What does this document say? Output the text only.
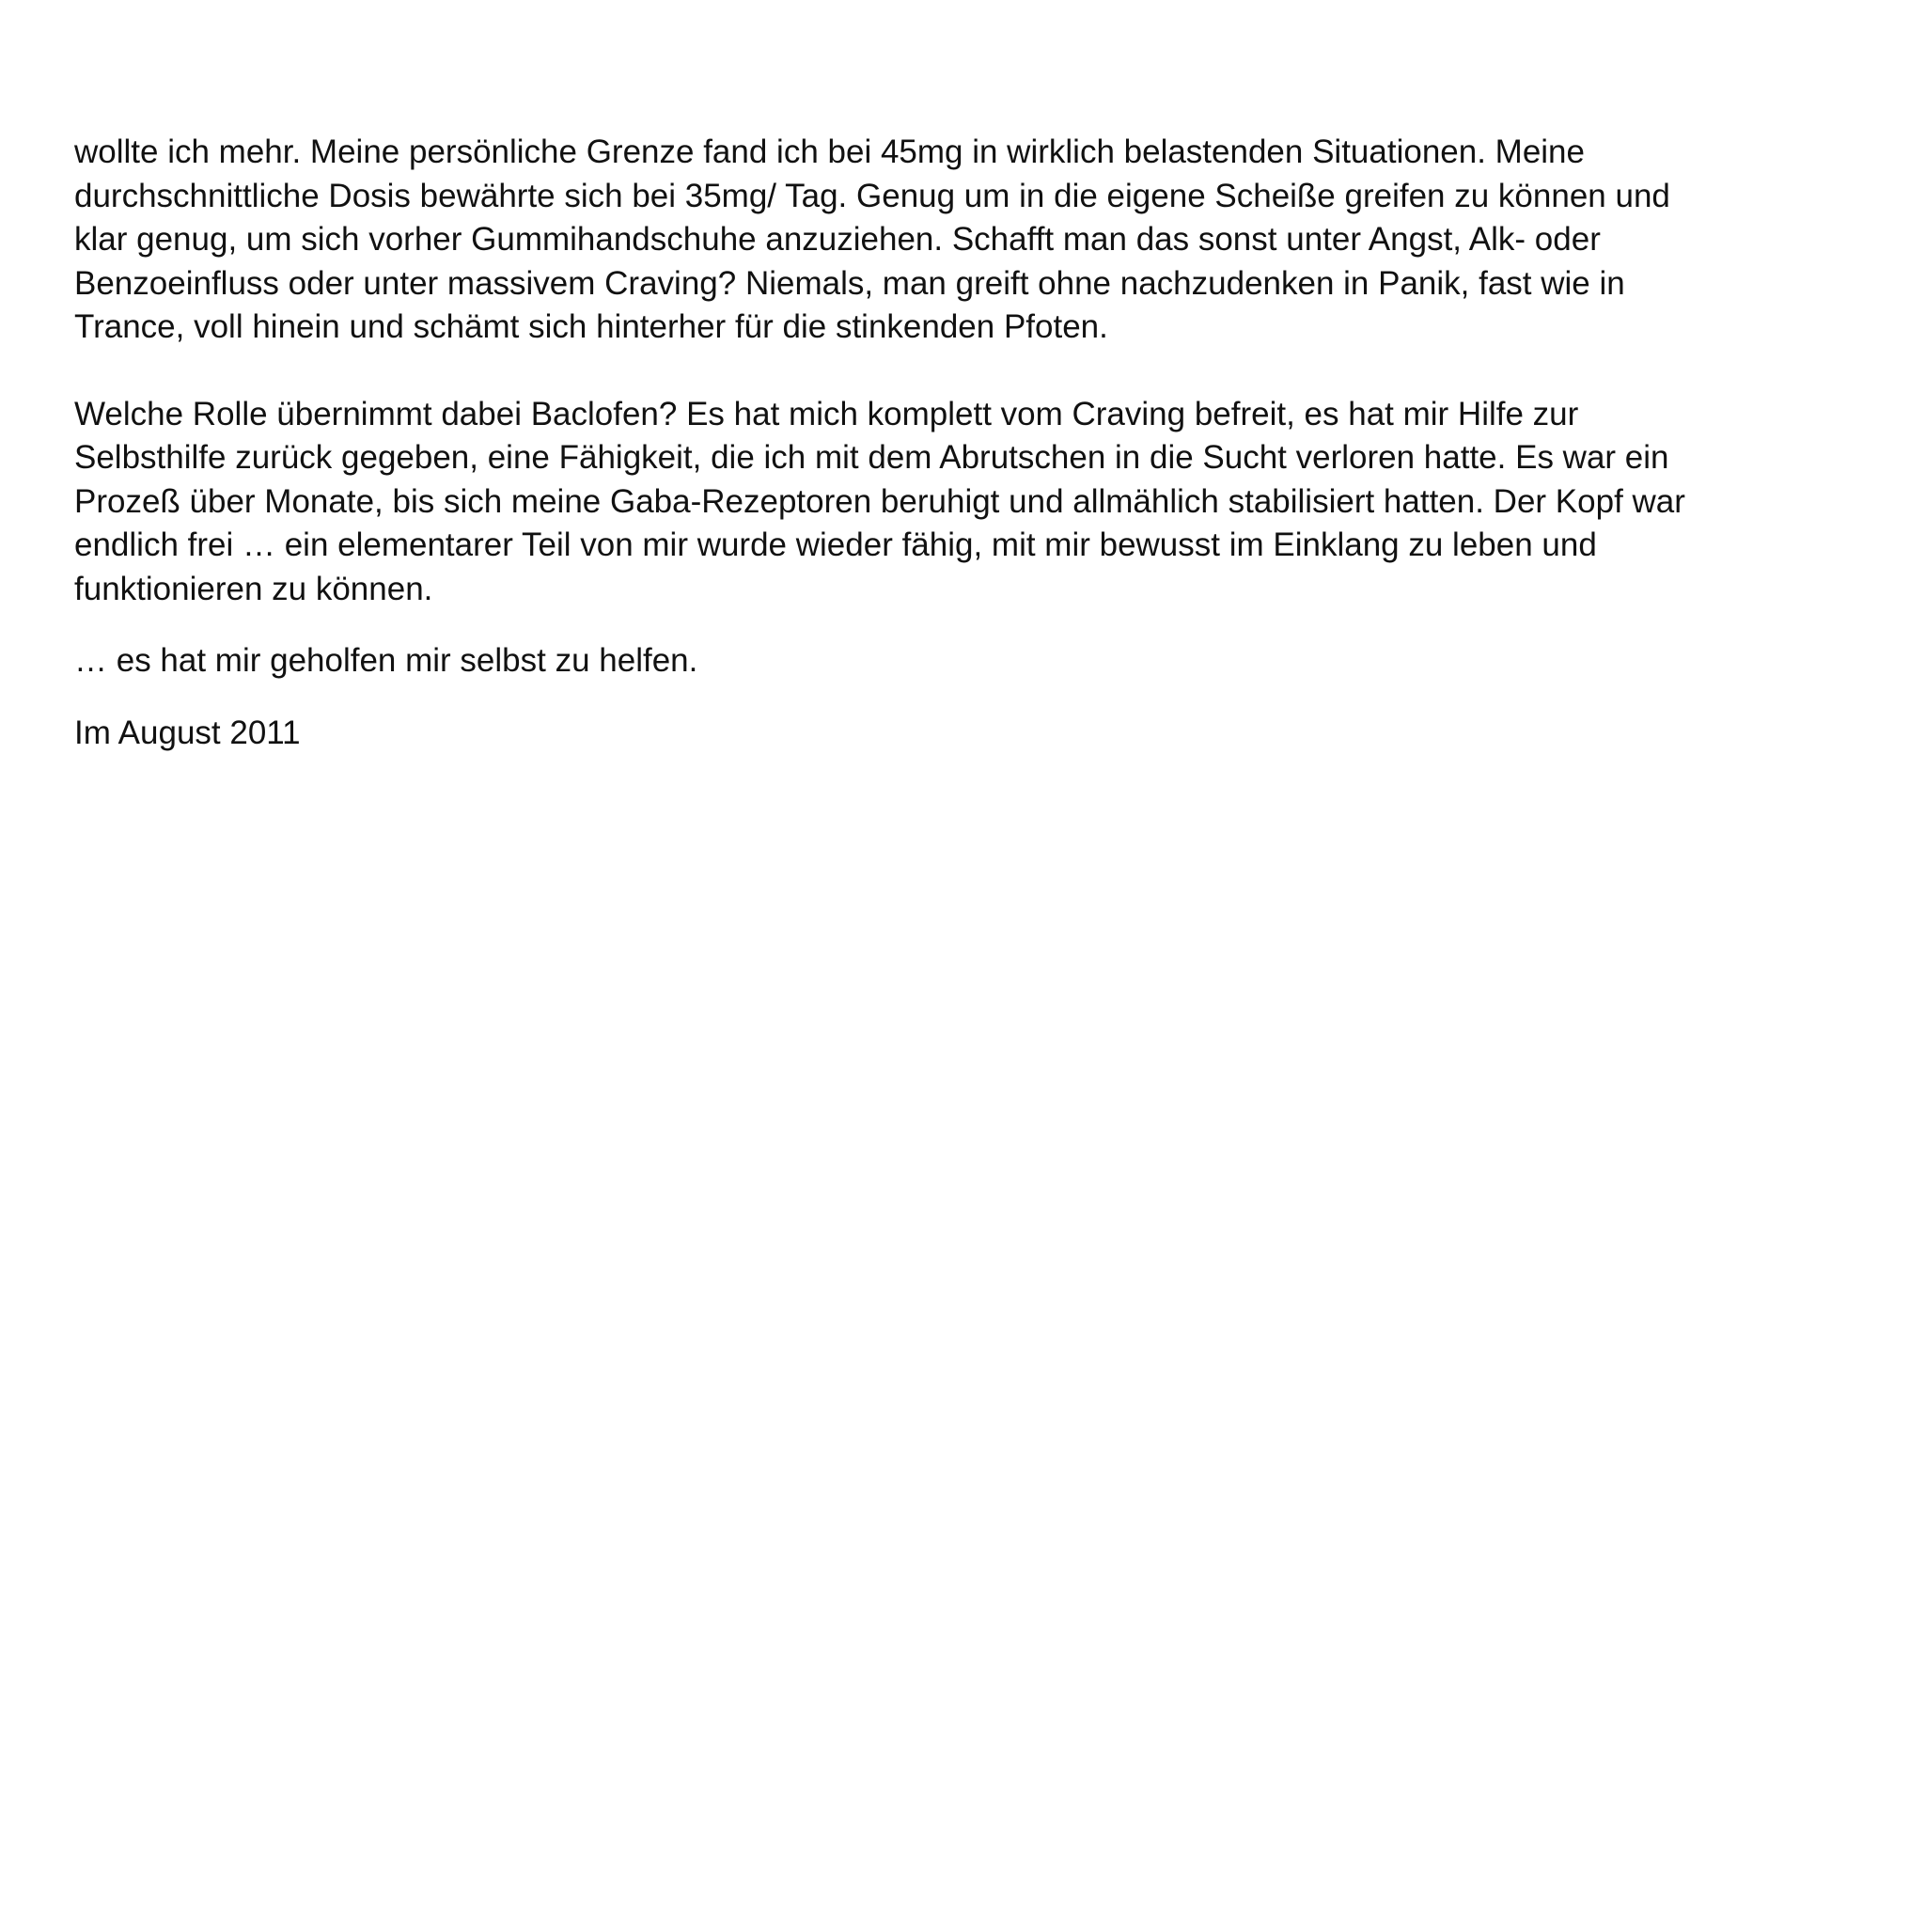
wollte ich mehr. Meine persönliche Grenze fand ich bei 45mg in wirklich belastenden Situationen. Meine
durchschnittliche Dosis bewährte sich bei 35mg/ Tag. Genug um in die eigene Scheiße greifen zu können und
klar genug, um sich vorher Gummihandschuhe anzuziehen. Schafft man das sonst unter Angst, Alk- oder
Benzoeinfluss oder unter massivem Craving? Niemals, man greift ohne nachzudenken in Panik, fast wie in
Trance, voll hinein und schämt sich hinterher für die stinkenden Pfoten.

Welche Rolle übernimmt dabei Baclofen? Es hat mich komplett vom Craving befreit, es hat mir Hilfe zur
Selbsthilfe zurück gegeben, eine Fähigkeit, die ich mit dem Abrutschen in die Sucht verloren hatte. Es war ein
Prozeß über Monate, bis sich meine Gaba-Rezeptoren beruhigt und allmählich stabilisiert hatten. Der Kopf war
endlich frei … ein elementarer Teil von mir wurde wieder fähig, mit mir bewusst im Einklang zu leben und
funktionieren zu können.

… es hat mir geholfen mir selbst zu helfen.

Im August 2011
